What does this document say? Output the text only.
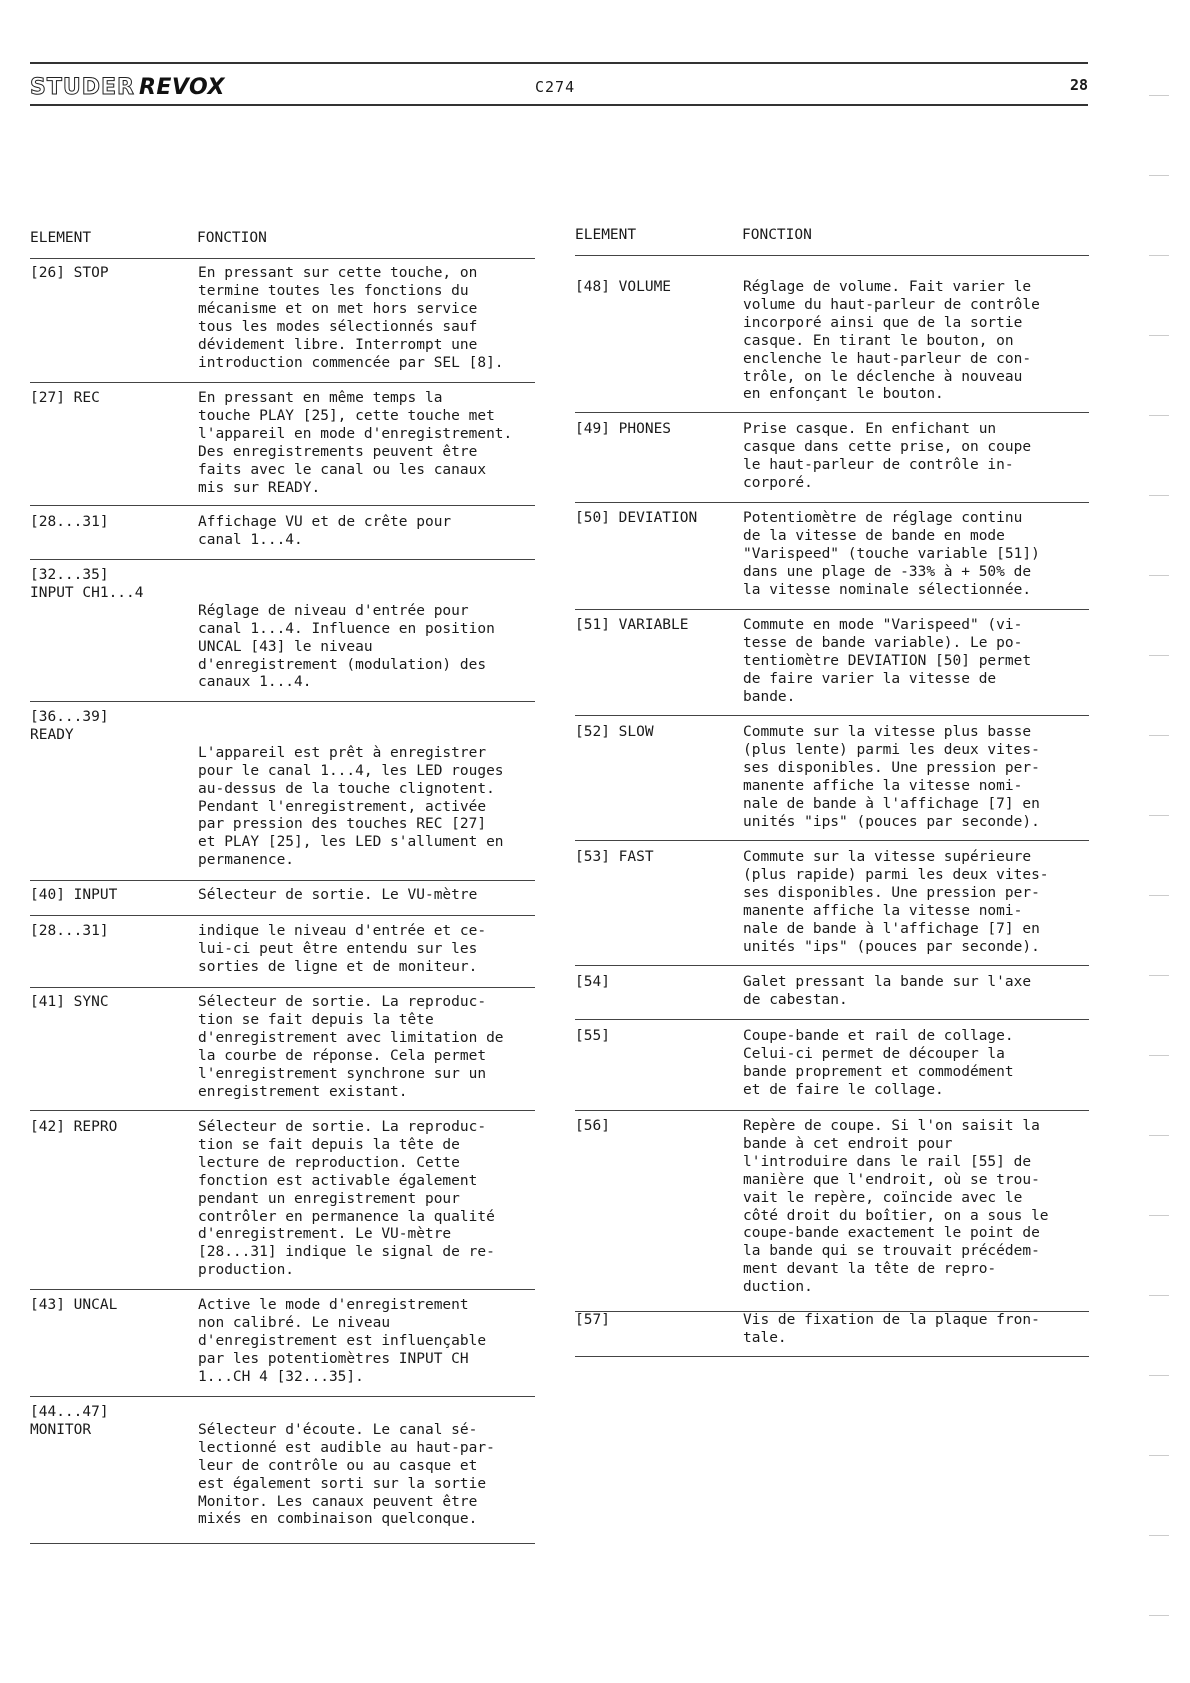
STUDER REVOX	C274	28
ELEMENT	FONCTION	ELEMENT	FONCTION
[26] STOP	En pressant sur cette touche, on
termine toutes les fonctions du
mécanisme et on met hors service
tous les modes sélectionnés sauf
dévidement libre. Interrompt une
introduction commencée par SEL [8].
[27] REC	En pressant en même temps la
touche PLAY [25], cette touche met
l'appareil en mode d'enregistrement.
Des enregistrements peuvent être
faits avec le canal ou les canaux
mis sur READY.
[28...31]	Affichage VU et de crête pour
canal 1...4.
[32...35]
INPUT CH1...4

Réglage de niveau d'entrée pour
canal 1...4. Influence en position
UNCAL [43] le niveau
d'enregistrement (modulation) des
canaux 1...4.
[36...39]
READY

L'appareil est prêt à enregistrer
pour le canal 1...4, les LED rouges
au-dessus de la touche clignotent.
Pendant l'enregistrement, activée
par pression des touches REC [27]
et PLAY [25], les LED s'allument en
permanence.
[40] INPUT	Sélecteur de sortie. Le VU-mètre
[28...31]	indique le niveau d'entrée et ce-
lui-ci peut être entendu sur les
sorties de ligne et de moniteur.
[41] SYNC	Sélecteur de sortie. La reproduc-
tion se fait depuis la tête
d'enregistrement avec limitation de
la courbe de réponse. Cela permet
l'enregistrement synchrone sur un
enregistrement existant.
[42] REPRO	Sélecteur de sortie. La reproduc-
tion se fait depuis la tête de
lecture de reproduction. Cette
fonction est activable également
pendant un enregistrement pour
contrôler en permanence la qualité
d'enregistrement. Le VU-mètre
[28...31] indique le signal de re-
production.
[43] UNCAL	Active le mode d'enregistrement
non calibré. Le niveau
d'enregistrement est influençable
par les potentiomètres INPUT CH
1...CH 4 [32...35].
[44...47]
MONITOR	
Sélecteur d'écoute. Le canal sé-
lectionné est audible au haut-par-
leur de contrôle ou au casque et
est également sorti sur la sortie
Monitor. Les canaux peuvent être
mixés en combinaison quelconque.
[48] VOLUME	Réglage de volume. Fait varier le
volume du haut-parleur de contrôle
incorporé ainsi que de la sortie
casque. En tirant le bouton, on
enclenche le haut-parleur de con-
trôle, on le déclenche à nouveau
en enfonçant le bouton.
[49] PHONES	Prise casque. En enfichant un
casque dans cette prise, on coupe
le haut-parleur de contrôle in-
corporé.
[50] DEVIATION	Potentiomètre de réglage continu
de la vitesse de bande en mode
"Varispeed" (touche variable [51])
dans une plage de -33% à + 50% de
la vitesse nominale sélectionnée.
[51] VARIABLE	Commute en mode "Varispeed" (vi-
tesse de bande variable). Le po-
tentiomètre DEVIATION [50] permet
de faire varier la vitesse de
bande.
[52] SLOW	Commute sur la vitesse plus basse
(plus lente) parmi les deux vites-
ses disponibles. Une pression per-
manente affiche la vitesse nomi-
nale de bande à l'affichage [7] en
unités "ips" (pouces par seconde).
[53] FAST	Commute sur la vitesse supérieure
(plus rapide) parmi les deux vites-
ses disponibles. Une pression per-
manente affiche la vitesse nomi-
nale de bande à l'affichage [7] en
unités "ips" (pouces par seconde).
[54]	Galet pressant la bande sur l'axe
de cabestan.
[55]	Coupe-bande et rail de collage.
Celui-ci permet de découper la
bande proprement et commodément
et de faire le collage.
[56]	Repère de coupe. Si l'on saisit la
bande à cet endroit pour
l'introduire dans le rail [55] de
manière que l'endroit, où se trou-
vait le repère, coïncide avec le
côté droit du boîtier, on a sous le
coupe-bande exactement le point de
la bande qui se trouvait précédem-
ment devant la tête de repro-
duction.
[57]	Vis de fixation de la plaque fron-
tale.
